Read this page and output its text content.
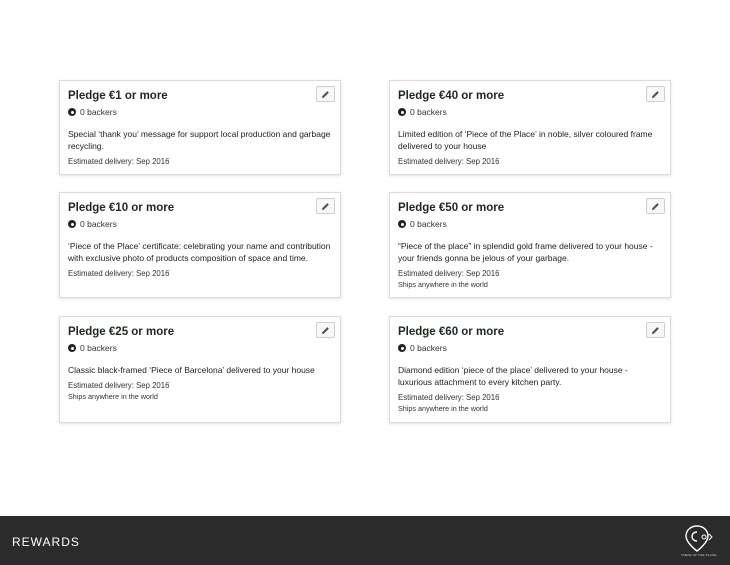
Pledge €1 or more
0 backers
Special ‘thank you’ message for support local production and garbage recycling.
Estimated delivery: Sep 2016
Pledge €40 or more
0 backers
Limited edition of ‘Piece of the Place’ in noble, silver coloured frame delivered to your house
Estimated delivery: Sep 2016
Pledge €10 or more
0 backers
‘Piece of the Place’ certificate: celebrating your name and contribution with exclusive photo of products composition of space and time.
Estimated delivery: Sep 2016
Pledge €50 or more
0 backers
“Piece of the place” in splendid gold frame delivered to your house - your friends gonna be jelous of your garbage.
Estimated delivery: Sep 2016
Ships anywhere in the world
Pledge €25 or more
0 backers
Classic black-framed ‘Piece of Barcelona’ delivered to your house
Estimated delivery: Sep 2016
Ships anywhere in the world
Pledge €60 or more
0 backers
Diamond edition ‘piece of the place’ delivered to your house - luxurious attachment to every kitchen party.
Estimated delivery: Sep 2016
Ships anywhere in the world
REWARDS
PIECE OF THE PLACE
